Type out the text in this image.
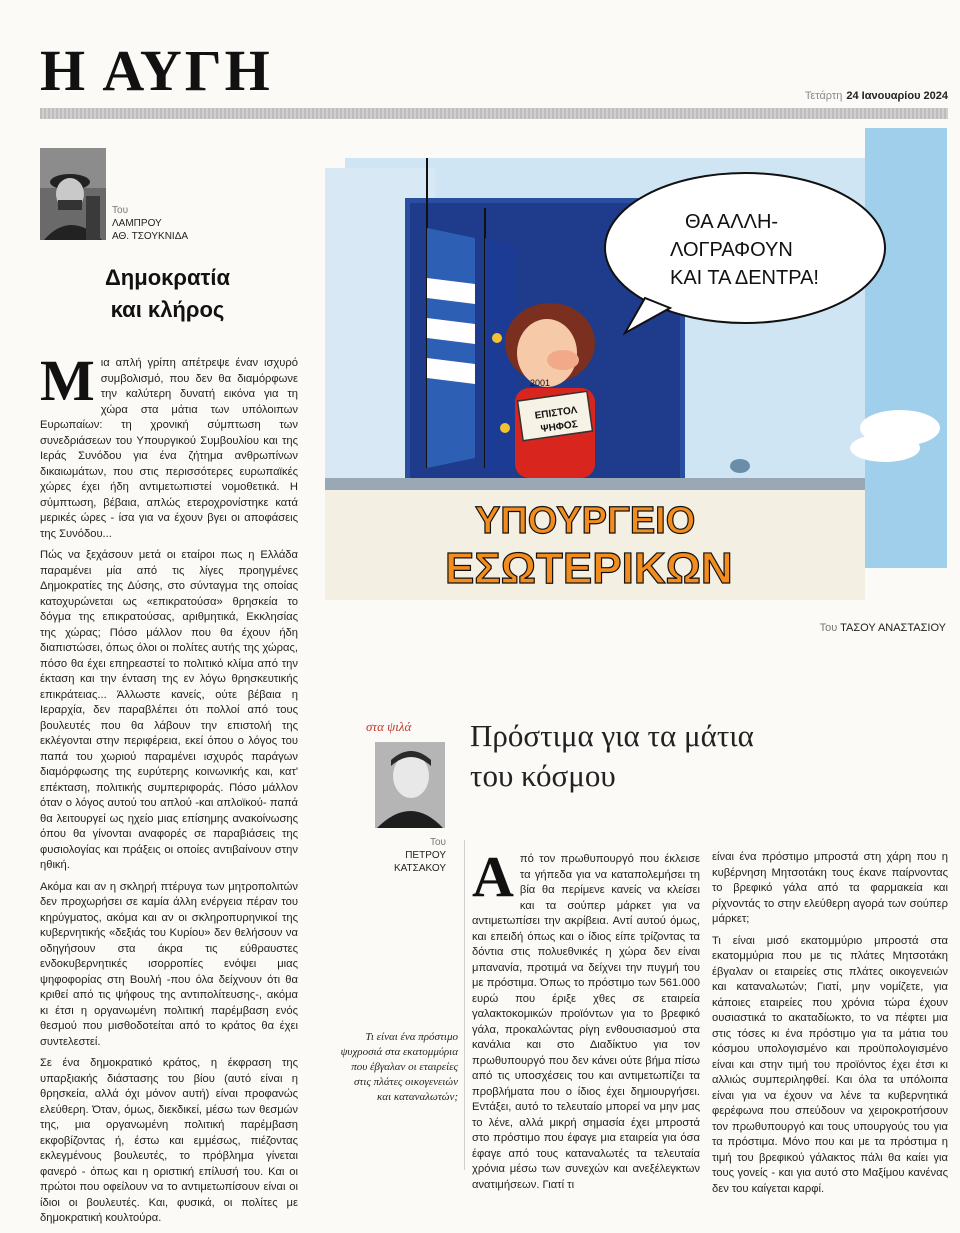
Η ΑΥΓΗ	Τετάρτη 24 Ιανουαρίου 2024
Του
ΛΑΜΠΡΟΥ
ΑΘ. ΤΣΟΥΚΝΙΔΑ
Δημοκρατία
και κλήρος

Μια απλή γρίπη απέτρεψε έναν ισχυρό συμβολισμό, που δεν θα διαμόρφωνε την καλύτερη δυνατή εικόνα για τη χώρα στα μάτια των υπόλοιπων Ευρωπαίων: τη χρονική σύμπτωση των συνεδριάσεων του Υπουργικού Συμβουλίου και της Ιεράς Συνόδου για ένα ζήτημα ανθρωπίνων δικαιωμάτων, που στις περισσότερες ευρωπαϊκές χώρες έχει ήδη αντιμετωπιστεί νομοθετικά. Η σύμπτωση, βέβαια, απλώς ετεροχρονίστηκε κατά μερικές ώρες - ίσα για να έχουν βγει οι αποφάσεις της Συνόδου...

Πώς να ξεχάσουν μετά οι εταίροι πως η Ελλάδα παραμένει μία από τις λίγες προηγμένες Δημοκρατίες της Δύσης, στο σύνταγμα της οποίας κατοχυρώνεται ως «επικρατούσα» θρησκεία το δόγμα της επικρατούσας, αριθμητικά, Εκκλησίας της χώρας; Πόσο μάλλον που θα έχουν ήδη διαπιστώσει, όπως όλοι οι πολίτες αυτής της χώρας, πόσο θα έχει επηρεαστεί το πολιτικό κλίμα από την έκταση και την ένταση της εν λόγω θρησκευτικής επικράτειας... Άλλωστε κανείς, ούτε βέβαια η Ιεραρχία, δεν παραβλέπει ότι πολλοί από τους βουλευτές που θα λάβουν την επιστολή της εκλέγονται στην περιφέρεια, εκεί όπου ο λόγος του παπά του χωριού παραμένει ισχυρός παράγων διαμόρφωσης της ευρύτερης κοινωνικής και, κατ' επέκταση, πολιτικής συμπεριφοράς. Πόσο μάλλον όταν ο λόγος αυτού του απλού -και απλοϊκού- παπά θα λειτουργεί ως ηχείο μιας επίσημης ανακοίνωσης όπου θα γίνονται αναφορές σε παραβιάσεις της φυσιολογίας και πράξεις οι οποίες αντιβαίνουν στην ηθική.

Ακόμα και αν η σκληρή πτέρυγα των μητροπολιτών δεν προχωρήσει σε καμία άλλη ενέργεια πέραν του κηρύγματος, ακόμα και αν οι σκληροπυρηνικοί της κυβερνητικής «δεξιάς του Κυρίου» δεν θελήσουν να οδηγήσουν στα άκρα τις εύθραυστες ενδοκυβερνητικές ισορροπίες ενόψει μιας ψηφοφορίας στη Βουλή -που όλα δείχνουν ότι θα κριθεί από τις ψήφους της αντιπολίτευσης-, ακόμα κι έτσι η οργανωμένη πολιτική παρέμβαση ενός θεσμού που μισθοδοτείται από το κράτος θα έχει συντελεστεί.

Σε ένα δημοκρατικό κράτος, η έκφραση της υπαρξιακής διάστασης του βίου (αυτό είναι η θρησκεία, αλλά όχι μόνον αυτή) είναι προφανώς ελεύθερη. Όταν, όμως, διεκδικεί, μέσω των θεσμών της, μια οργανωμένη πολιτική παρέμβαση εκφοβίζοντας ή, έστω και εμμέσως, πιέζοντας εκλεγμένους βουλευτές, το πρόβλημα γίνεται φανερό - όπως και η οριστική επίλυσή του. Και οι πρώτοι που οφείλουν να το αντιμετωπίσουν είναι οι ίδιοι οι βουλευτές. Και, φυσικά, οι πολίτες με δημοκρατική κουλτούρα.

ΕΠΙΣΤΟΛ
ΨΗΦΟΣ
2001
ΘΑ ΑΛΛΗ-
ΛΟΓΡΑΦΟΥΝ
ΚΑΙ ΤΑ ΔΕΝΤΡΑ!
ΥΠΟΥΡΓΕΙΟ
ΕΣΩΤΕΡΙΚΩΝ
Του ΤΑΣΟΥ ΑΝΑΣΤΑΣΙΟΥ
στα ψιλά
Του
ΠΕΤΡΟΥ
ΚΑΤΣΑΚΟΥ
Πρόστιμα για τα μάτια
του κόσμου
Τι είναι ένα πρόστιμο ψυχροσιά στα εκατομμύρια που έβγαλαν οι εταιρείες στις πλάτες οικογενειών και καταναλωτών;

Από τον πρωθυπουργό που έκλεισε τα γήπεδα για να καταπολεμήσει τη βία θα περίμενε κανείς να κλείσει και τα σούπερ μάρκετ για να αντιμετωπίσει την ακρίβεια. Αντί αυτού όμως, και επειδή όπως και ο ίδιος είπε τρίζοντας τα δόντια στις πολυεθνικές η χώρα δεν είναι μπανανία, προτιμά να δείχνει την πυγμή του με πρόστιμα. Όπως το πρόστιμο των 561.000 ευρώ που έριξε χθες σε εταιρεία γαλακτοκομικών προϊόντων για το βρεφικό γάλα, προκαλώντας ρίγη ενθουσιασμού στα κανάλια και στο Διαδίκτυο για τον πρωθυπουργό που δεν κάνει ούτε βήμα πίσω από τις υποσχέσεις του και αντιμετωπίζει τα προβλήματα που ο ίδιος έχει δημιουργήσει. Εντάξει, αυτό το τελευταίο μπορεί να μην μας το λένε, αλλά μικρή σημασία έχει μπροστά στο πρόστιμο που έφαγε μια εταιρεία για όσα έφαγε από τους καταναλωτές τα τελευταία χρόνια μέσω των συνεχών και ανεξέλεγκτων ανατιμήσεων. Γιατί τι

είναι ένα πρόστιμο μπροστά στη χάρη που η κυβέρνηση Μητσοτάκη τους έκανε παίρνοντας το βρεφικό γάλα από τα φαρμακεία και ρίχνοντάς το στην ελεύθερη αγορά των σούπερ μάρκετ;

Τι είναι μισό εκατομμύριο μπροστά στα εκατομμύρια που με τις πλάτες Μητσοτάκη έβγαλαν οι εταιρείες στις πλάτες οικογενειών και καταναλωτών; Γιατί, μην νομίζετε, για κάποιες εταιρείες που χρόνια τώρα έχουν ουσιαστικά το ακαταδίωκτο, το να πέφτει μια στις τόσες κι ένα πρόστιμο για τα μάτια του κόσμου υπολογισμένο και προϋπολογισμένο είναι και στην τιμή του προϊόντος έχει έτσι κι αλλιώς συμπεριληφθεί. Και όλα τα υπόλοιπα είναι για να έχουν να λένε τα κυβερνητικά φερέφωνα που σπεύδουν να χειροκροτήσουν τον πρωθυπουργό και τους υπουργούς του για τα πρόστιμα. Μόνο που και με τα πρόστιμα η τιμή του βρεφικού γάλακτος πάλι θα καίει για τους γονείς - και για αυτό στο Μαξίμου κανένας δεν του καίγεται καρφί.
